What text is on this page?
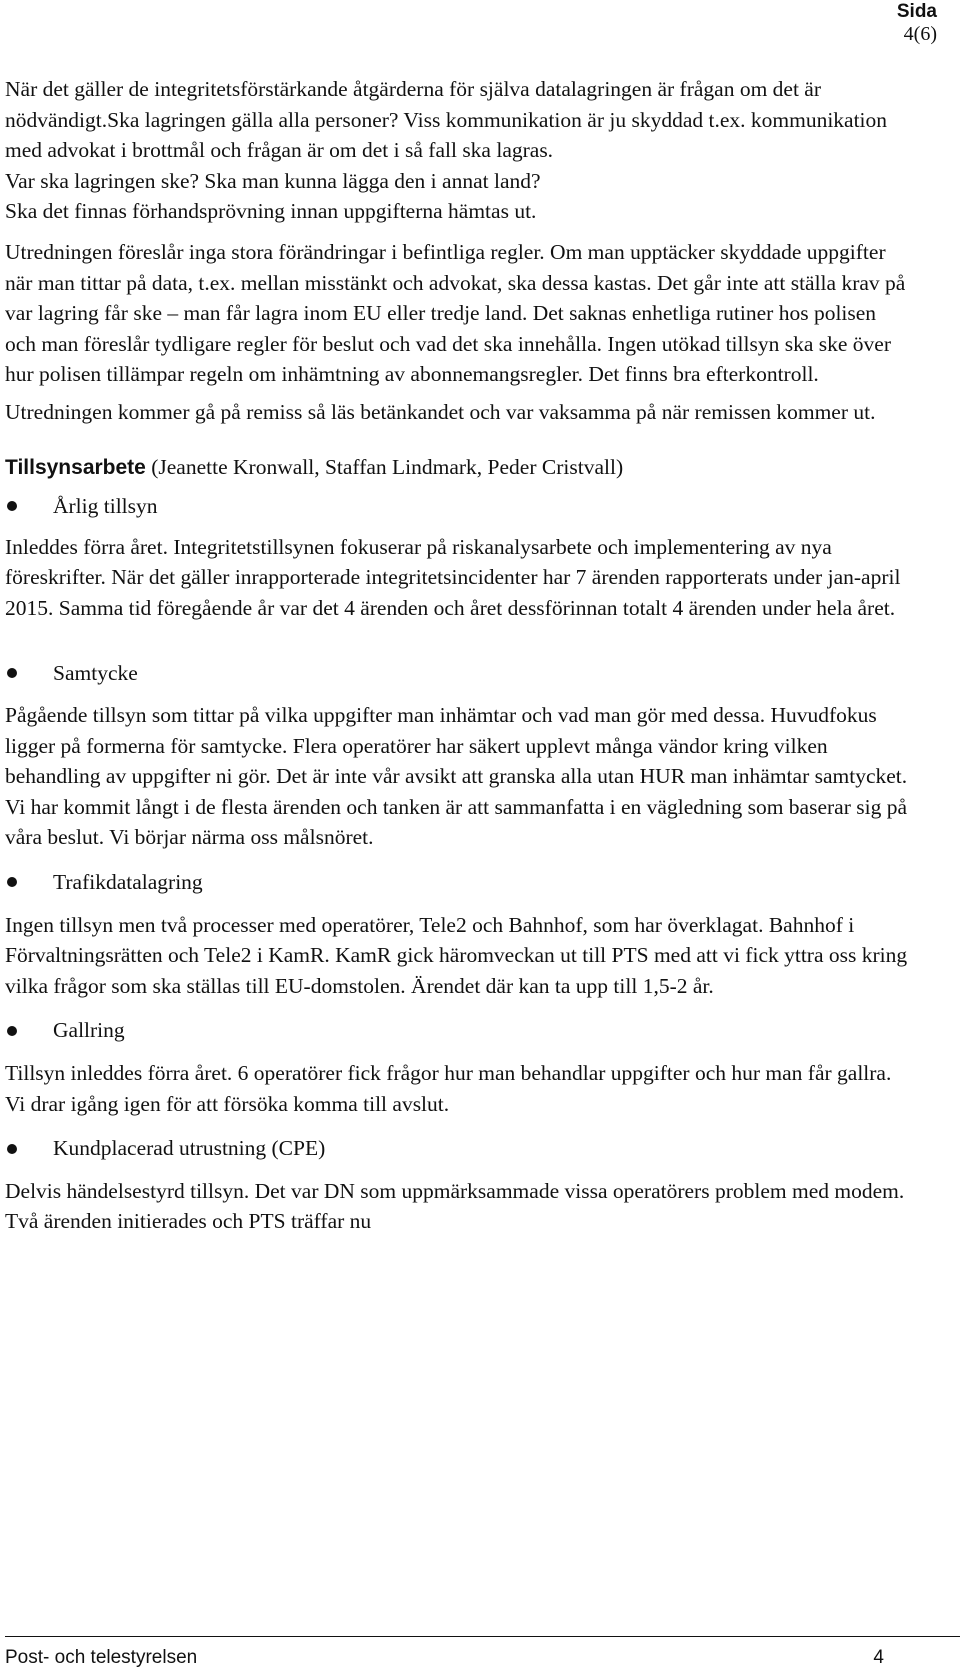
Sida
4(6)

När det gäller de integritetsförstärkande åtgärderna för själva datalagringen är frågan om det är nödvändigt.Ska lagringen gälla alla personer? Viss kommunikation är ju skyddad t.ex. kommunikation med advokat i brottmål och frågan är om det i så fall ska lagras.

Var ska lagringen ske? Ska man kunna lägga den i annat land?

Ska det finnas förhandsprövning innan uppgifterna hämtas ut.

Utredningen föreslår inga stora förändringar i befintliga regler. Om man upptäcker skyddade uppgifter när man tittar på data, t.ex. mellan misstänkt och advokat, ska dessa kastas. Det går inte att ställa krav på var lagring får ske – man får lagra inom EU eller tredje land. Det saknas enhetliga rutiner hos polisen och man föreslår tydligare regler för beslut och vad det ska innehålla. Ingen utökad tillsyn ska ske över hur polisen tillämpar regeln om inhämtning av abonnemangsregler. Det finns bra efterkontroll.

Utredningen kommer gå på remiss så läs betänkandet och var vaksamma på när remissen kommer ut.

Tillsynsarbete (Jeanette Kronwall, Staffan Lindmark, Peder Cristvall)
Årlig tillsyn

Inleddes förra året. Integritetstillsynen fokuserar på riskanalysarbete och implementering av nya föreskrifter. När det gäller inrapporterade integritetsincidenter har 7 ärenden rapporterats under jan-april 2015. Samma tid föregående år var det 4 ärenden och året dessförinnan totalt 4 ärenden under hela året.

Samtycke

Pågående tillsyn som tittar på vilka uppgifter man inhämtar och vad man gör med dessa. Huvudfokus ligger på formerna för samtycke. Flera operatörer har säkert upplevt många vändor kring vilken behandling av uppgifter ni gör. Det är inte vår avsikt att granska alla utan HUR man inhämtar samtycket. Vi har kommit långt i de flesta ärenden och tanken är att sammanfatta i en vägledning som baserar sig på våra beslut. Vi börjar närma oss målsnöret.

Trafikdatalagring

Ingen tillsyn men två processer med operatörer, Tele2 och Bahnhof, som har överklagat. Bahnhof i Förvaltningsrätten och Tele2 i KamR. KamR gick häromveckan ut till PTS med att vi fick yttra oss kring vilka frågor som ska ställas till EU-domstolen. Ärendet där kan ta upp till 1,5-2 år.

Gallring

Tillsyn inleddes förra året. 6 operatörer fick frågor hur man behandlar uppgifter och hur man får gallra. Vi drar igång igen för att försöka komma till avslut.

Kundplacerad utrustning (CPE)

Delvis händelsestyrd tillsyn. Det var DN som uppmärksammade vissa operatörers problem med modem. Två ärenden initierades och PTS träffar nu

Post- och telestyrelsen	4
